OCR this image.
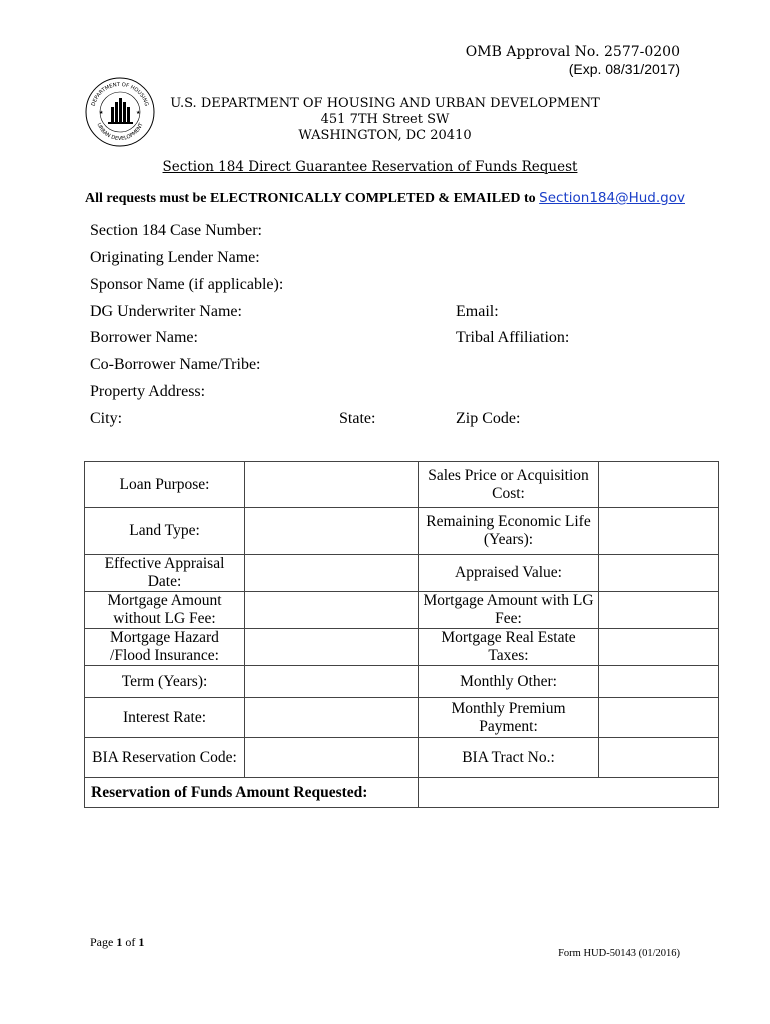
OMB Approval No. 2577-0200
(Exp. 08/31/2017)
DEPARTMENT OF HOUSING
URBAN DEVELOPMENT
★	★
U.S. DEPARTMENT OF HOUSING AND URBAN DEVELOPMENT
451 7TH Street SW
WASHINGTON, DC 20410
Section 184 Direct Guarantee Reservation of Funds Request
All requests must be ELECTRONICALLY COMPLETED & EMAILED to Section184@Hud.gov
Section 184 Case Number:
Originating Lender Name:
Sponsor Name (if applicable):
DG Underwriter Name:	Email:
Borrower Name:	Tribal Affiliation:
Co-Borrower Name/Tribe:
Property Address:
City:	State:	Zip Code:
Loan Purpose:		Sales Price or Acquisition Cost:	
Land Type:		Remaining Economic Life (Years):	
Effective Appraisal Date:		Appraised Value:	
Mortgage Amount without LG Fee:		Mortgage Amount with LG Fee:	
Mortgage Hazard /Flood Insurance:		Mortgage Real Estate Taxes:	
Term (Years):		Monthly Other:	
Interest Rate:		Monthly Premium Payment:	
BIA Reservation Code:		BIA Tract No.:	
Reservation of Funds Amount Requested:			
Page 1 of 1
Form HUD-50143 (01/2016)
